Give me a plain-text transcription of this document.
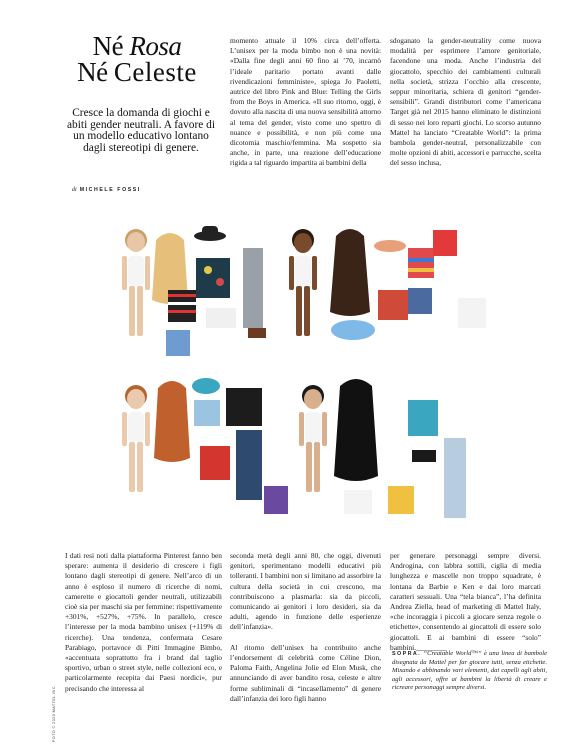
Né Rosa
Né Celeste
Cresce la domanda di giochi e abiti gender neutrali. A favore di un modello educativo lontano dagli stereotipi di genere.
di MICHELE FOSSI
momento attuale il 10% circa dell’offerta. L’unisex per la moda bimbo non è una novità: «Dalla fine degli anni 60 fino ai ’70, incarnò l’ideale paritario portato avanti dalle rivendicazioni femministe», spiega Jo Paoletti, autrice del libro Pink and Blue: Telling the Girls from the Boys in America. «Il suo ritorno, oggi, è dovuto alla nascita di una nuova sensibilità attorno al tema del gender, visto come uno spettro di nuance e possibilità, e non più come una dicotomia maschio/femmina. Ma sospetto sia anche, in parte, una reazione dell’educazione rigida a tal riguardo impartita ai bambini della
sdoganato la gender-neutrality come nuova modalità per esprimere l’amore genitoriale, facendone una moda. Anche l’industria del giocattolo, specchio dei cambiamenti culturali nella società, strizza l’occhio alla crescente, seppur minoritaria, schiera di genitori “gender-sensibili”. Grandi distributori come l’americana Target già nel 2015 hanno eliminato le distinzioni di sesso nei loro reparti giochi. Lo scorso autunno Mattel ha lanciato “Creatable World”: la prima bambola gender-neutral, personalizzabile con molte opzioni di abiti, accessori e parrucche, scelta del sesso inclusa,
I dati resi noti dalla piattaforma Pinterest fanno ben sperare: aumenta il desiderio di crescere i figli lontano dagli stereotipi di genere. Nell’arco di un anno è esploso il numero di ricerche di nomi, camerette e giocattoli gender neutrali, utilizzabili cioè sia per maschi sia per femmine: rispettivamente +301%, +527%, +75%. In parallelo, cresce l’interesse per la moda bambino unisex (+119% di ricerche). Una tendenza, confermata Cesare Parabiago, portavoce di Pitti Immagine Bimbo, «accentuata soprattutto fra i brand dal taglio sportivo, urban o street style, nelle collezioni eco, e particolarmente recepita dai Paesi nordici», pur precisando che interessa al
seconda metà degli anni 80, che oggi, divenuti genitori, sperimentano modelli educativi più tolleranti. I bambini non si limitano ad assorbire la cultura della società in cui crescono, ma contribuiscono a plasmarla: sia da piccoli, comunicando ai genitori i loro desideri, sia da adulti, agendo in funzione delle esperienze dell’infanzia».

Al ritorno dell’unisex ha contribuito anche l’endorsement di celebrità come Céline Dion, Paloma Faith, Angelina Jolie ed Elon Musk, che annunciando di aver bandito rosa, celeste e altre forme subliminali di “incasellamento” di genere dall’infanzia dei loro figli hanno
per generare personaggi sempre diversi. Androgina, con labbra sottili, ciglia di media lunghezza e mascelle non troppo squadrate, è lontana da Barbie e Ken e dai loro marcati caratteri sessuali. Una “tela bianca”, l’ha definita Andrea Ziella, head of marketing di Mattel Italy, «che incoraggia i piccoli a giocare senza regole o etichette», consentendo ai giocattoli di essere solo giocattoli. E ai bambini di essere “solo” bambini.________
SOPRA. “Creatable World™” è una linea di bambole disegnata da Mattel per far giocare tutti, senza etichette. Mixando e abbinando vari elementi, dai capelli agli abiti, agli accessori, offre ai bambini la libertà di creare e ricreare personaggi sempre diversi.
FOTO © 2020 MATTEL INC.
